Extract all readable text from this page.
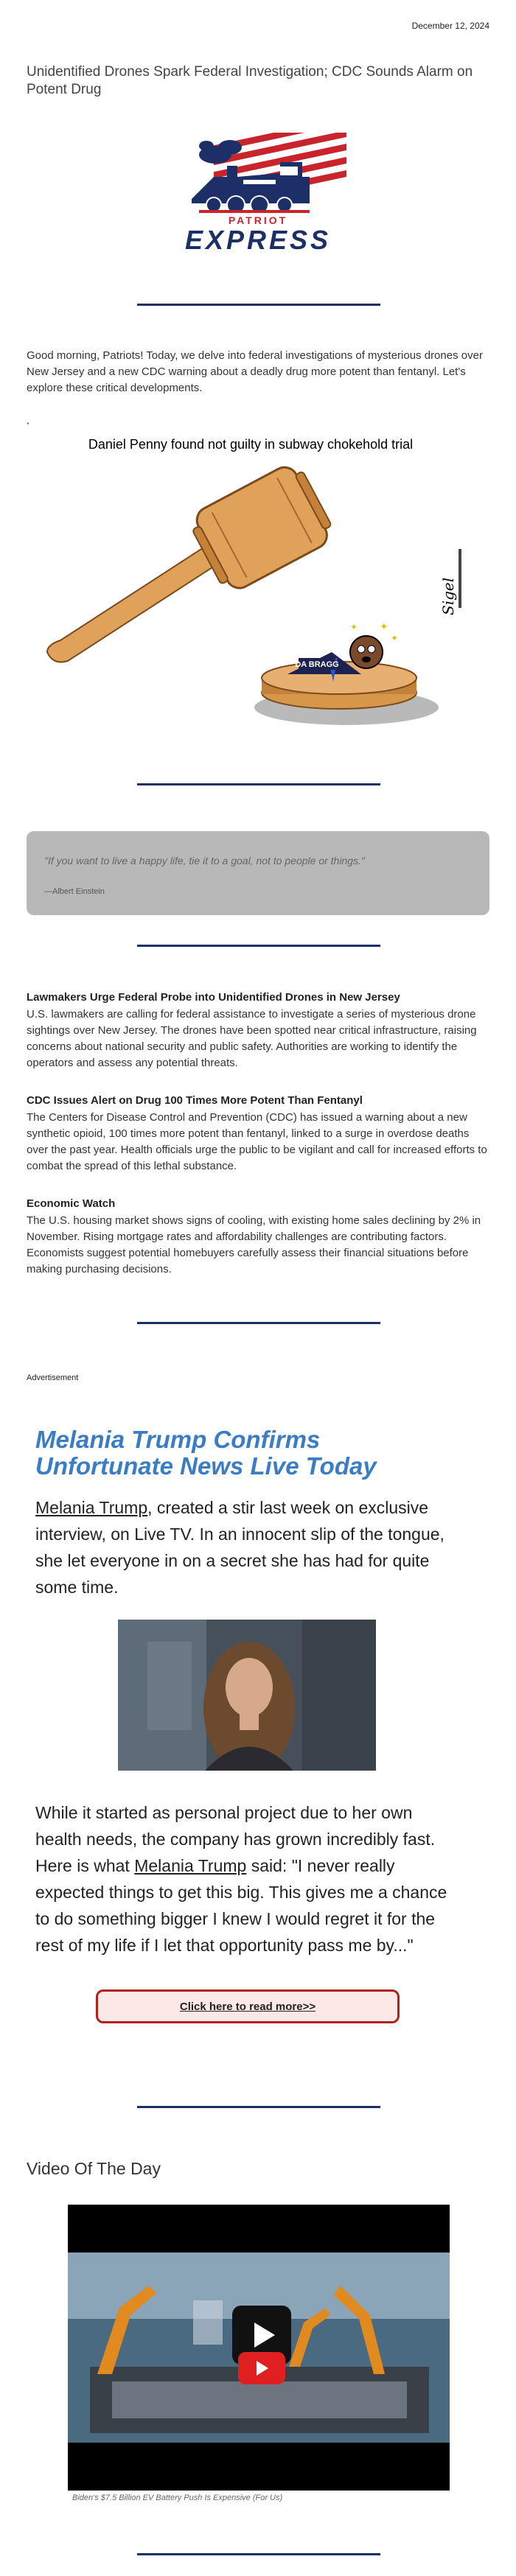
December 12, 2024
Unidentified Drones Spark Federal Investigation; CDC Sounds Alarm on Potent Drug
PATRIOT
EXPRESS
Good morning, Patriots! Today, we delve into federal investigations of mysterious drones over New Jersey and a new CDC warning about a deadly drug more potent than fentanyl. Let's explore these critical developments.
•
Daniel Penny found not guilty in subway chokehold trial
DA BRAGG
✦
✦
✦
Sigel
"If you want to live a happy life, tie it to a goal, not to people or things."
—Albert Einstein
Lawmakers Urge Federal Probe into Unidentified Drones in New Jersey

U.S. lawmakers are calling for federal assistance to investigate a series of mysterious drone sightings over New Jersey. The drones have been spotted near critical infrastructure, raising concerns about national security and public safety. Authorities are working to identify the operators and assess any potential threats.

CDC Issues Alert on Drug 100 Times More Potent Than Fentanyl

The Centers for Disease Control and Prevention (CDC) has issued a warning about a new synthetic opioid, 100 times more potent than fentanyl, linked to a surge in overdose deaths over the past year. Health officials urge the public to be vigilant and call for increased efforts to combat the spread of this lethal substance.

Economic Watch

The U.S. housing market shows signs of cooling, with existing home sales declining by 2% in November. Rising mortgage rates and affordability challenges are contributing factors. Economists suggest potential homebuyers carefully assess their financial situations before making purchasing decisions.

Advertisement
Melania Trump Confirms Unfortunate News Live Today
Melania Trump, created a stir last week on exclusive interview, on Live TV. In an innocent slip of the tongue, she let everyone in on a secret she has had for quite some time.
While it started as personal project due to her own health needs, the company has grown incredibly fast. Here is what Melania Trump said: "I never really expected things to get this big. This gives me a chance to do something bigger I knew I would regret it for the rest of my life if I let that opportunity pass me by..."
Click here to read more>>
Video Of The Day
Biden's $7.5 Billion EV Battery Push Is Expensive (For Us)
